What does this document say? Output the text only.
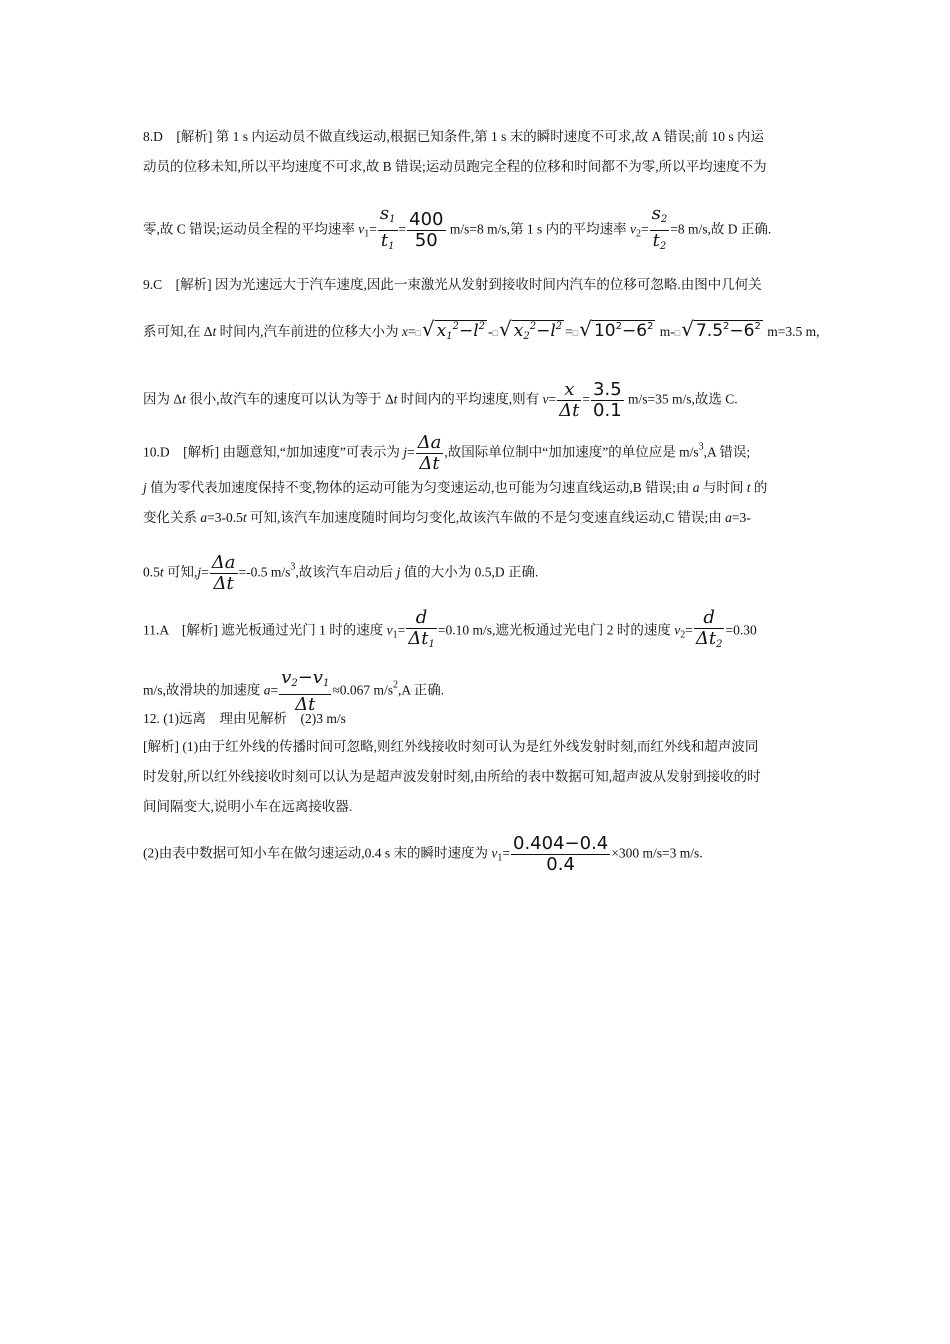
8.D　[解析] 第 1 s 内运动员不做直线运动,根据已知条件,第 1 s 末的瞬时速度不可求,故 A 错误;前 10 s 内运
动员的位移未知,所以平均速度不可求,故 B 错误;运动员跑完全程的位移和时间都不为零,所以平均速度不为
零,故 C 错误;运动员全程的平均速率 $v_1= \frac{s_1}{t_1} = \frac{400}{50} m/s=8$ m/s,第 1 s 内的平均速率 $v_2= \frac{s_2}{t_2} =8$ m/s,故 D 正确.
9.C　[解析] 因为光速远大于汽车速度,因此一束激光从发射到接收时间内汽车的位移可忽略.由图中几何关
系可知,在 Δt 时间内,汽车前进的位移大小为 x=□√ $x_1^2-l^2$ -□√ $x_2^2-l^2$ =□√ $10^2-6^2$ m-□√ $7.5^2-6^2$ m=3.5 m,
因为 Δt 很小,故汽车的速度可以认为等于 Δt 时间内的平均速度,则有 $v= \frac{x}{\Delta t} = \frac{3.5}{0.1} m/s=35$ m/s,故选 C.
10.D　[解析] 由题意知,“加加速度”可表示为 $j= \frac{\Delta a}{\Delta t}$ ,故国际单位制中“加加速度”的单位应是 $m/s^3,A$ 错误;
j 值为零代表加速度保持不变,物体的运动可能为匀变速运动,也可能为匀速直线运动,B 错误;由 a 与时间 t 的
变化关系 a=3-0.5t 可知,该汽车加速度随时间均匀变化,故该汽车做的不是匀变速直线运动,C 错误;由 a=3-
0.5t 可知$,j= \frac{\Delta a}{\Delta t} =-0.5$ $m/s^3$,故该汽车启动后 j 值的大小为 0.5,D 正确.
11.A　[解析] 遮光板通过光门 1 时的速度 $v_1= \frac{d}{\Delta t_1} =0.10$ m/s,遮光板通过光电门 2 时的速度 $v_2= \frac{d}{\Delta t_2} =0.30$
m/s,故滑块的加速度 $a= \frac{v_2-v_1}{\Delta t} \approx 0.067$ $m/s^2,A$ 正确.
12. (1)远离　理由见解析　(2)3 m/s
[解析] (1)由于红外线的传播时间可忽略,则红外线接收时刻可认为是红外线发射时刻,而红外线和超声波同
时发射,所以红外线接收时刻可以认为是超声波发射时刻,由所给的表中数据可知,超声波从发射到接收的时
间间隔变大,说明小车在远离接收器.
(2)由表中数据可知小车在做匀速运动,0.4 s 末的瞬时速度为 $v_1= \frac{0.404-0.4}{0.4} \times 300$ m/s=3 m/s.
